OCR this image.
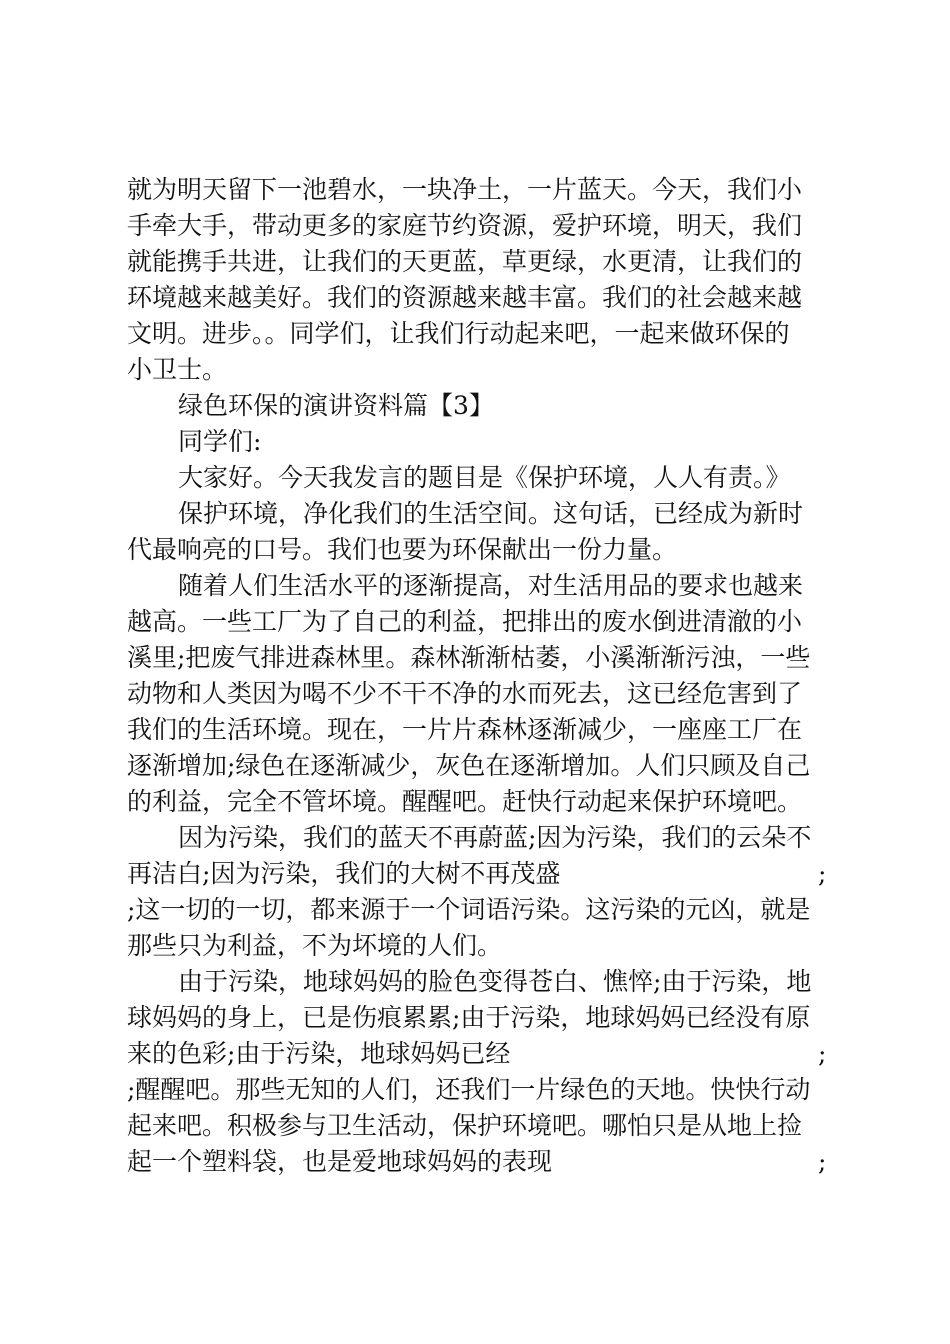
就为明天留下一池碧水，一块净土，一片蓝天。今天，我们小
手牵大手，带动更多的家庭节约资源，爱护环境，明天，我们
就能携手共进，让我们的天更蓝，草更绿，水更清，让我们的
环境越来越美好。我们的资源越来越丰富。我们的社会越来越
文明。进步。。同学们，让我们行动起来吧，一起来做环保的
小卫士。
绿色环保的演讲资料篇【3】
同学们:
大家好。今天我发言的题目是《保护环境，人人有责。》
保护环境，净化我们的生活空间。这句话，已经成为新时
代最响亮的口号。我们也要为环保献出一份力量。
随着人们生活水平的逐渐提高，对生活用品的要求也越来
越高。一些工厂为了自己的利益，把排出的废水倒进清澈的小
溪里;把废气排进森林里。森林渐渐枯萎，小溪渐渐污浊，一些
动物和人类因为喝不少不干不净的水而死去，这已经危害到了
我们的生活环境。现在，一片片森林逐渐减少，一座座工厂在
逐渐增加;绿色在逐渐减少，灰色在逐渐增加。人们只顾及自己
的利益，完全不管坏境。醒醒吧。赶快行动起来保护环境吧。
因为污染，我们的蓝天不再蔚蓝;因为污染，我们的云朵不
再洁白;因为污染，我们的大树不再茂盛	;
;这一切的一切，都来源于一个词语污染。这污染的元凶，就是
那些只为利益，不为坏境的人们。
由于污染，地球妈妈的脸色变得苍白、憔悴;由于污染，地
球妈妈的身上，已是伤痕累累;由于污染，地球妈妈已经没有原
来的色彩;由于污染，地球妈妈已经	;
;醒醒吧。那些无知的人们，还我们一片绿色的天地。快快行动
起来吧。积极参与卫生活动，保护环境吧。哪怕只是从地上捡
起一个塑料袋，也是爱地球妈妈的表现	;
